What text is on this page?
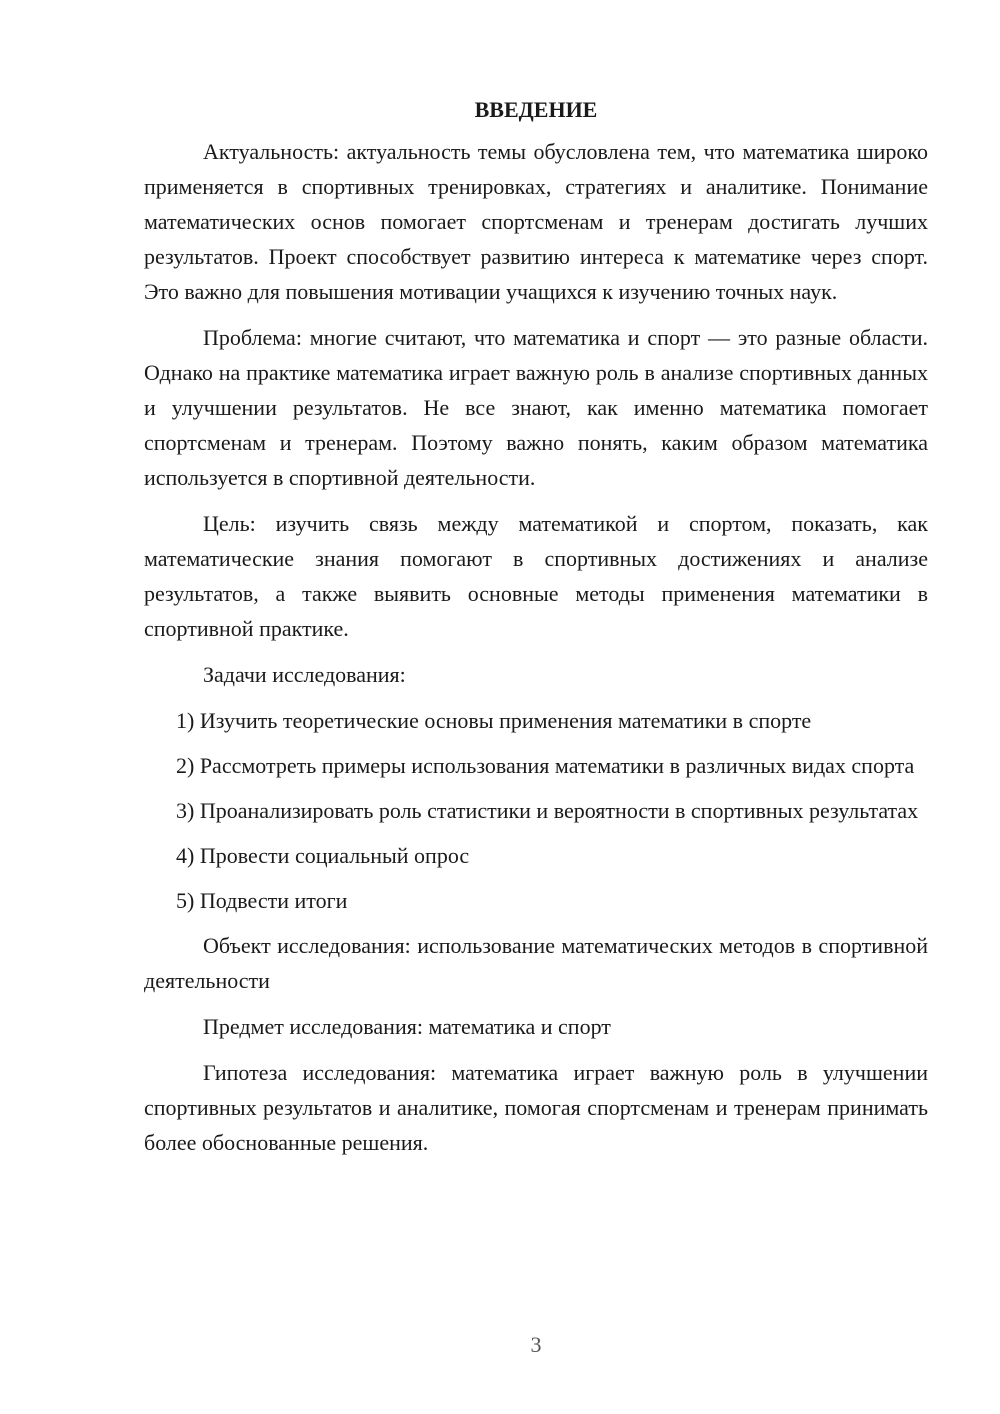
ВВЕДЕНИЕ

Актуальность: актуальность темы обусловлена тем, что математика широко применяется в спортивных тренировках, стратегиях и аналитике. Понимание математических основ помогает спортсменам и тренерам достигать лучших результатов. Проект способствует развитию интереса к математике через спорт. Это важно для повышения мотивации учащихся к изучению точных наук.

Проблема: многие считают, что математика и спорт — это разные области. Однако на практике математика играет важную роль в анализе спортивных данных и улучшении результатов. Не все знают, как именно математика помогает спортсменам и тренерам. Поэтому важно понять, каким образом математика используется в спортивной деятельности.

Цель: изучить связь между математикой и спортом, показать, как математические знания помогают в спортивных достижениях и анализе результатов, а также выявить основные методы применения математики в спортивной практике.

Задачи исследования:

1) Изучить теоретические основы применения математики в спорте

2) Рассмотреть примеры использования математики в различных видах спорта

3) Проанализировать роль статистики и вероятности в спортивных результатах

4) Провести социальный опрос

5) Подвести итоги

Объект исследования: использование математических методов в спортивной деятельности

Предмет исследования: математика и спорт

Гипотеза исследования: математика играет важную роль в улучшении спортивных результатов и аналитике, помогая спортсменам и тренерам принимать более обоснованные решения.

3
